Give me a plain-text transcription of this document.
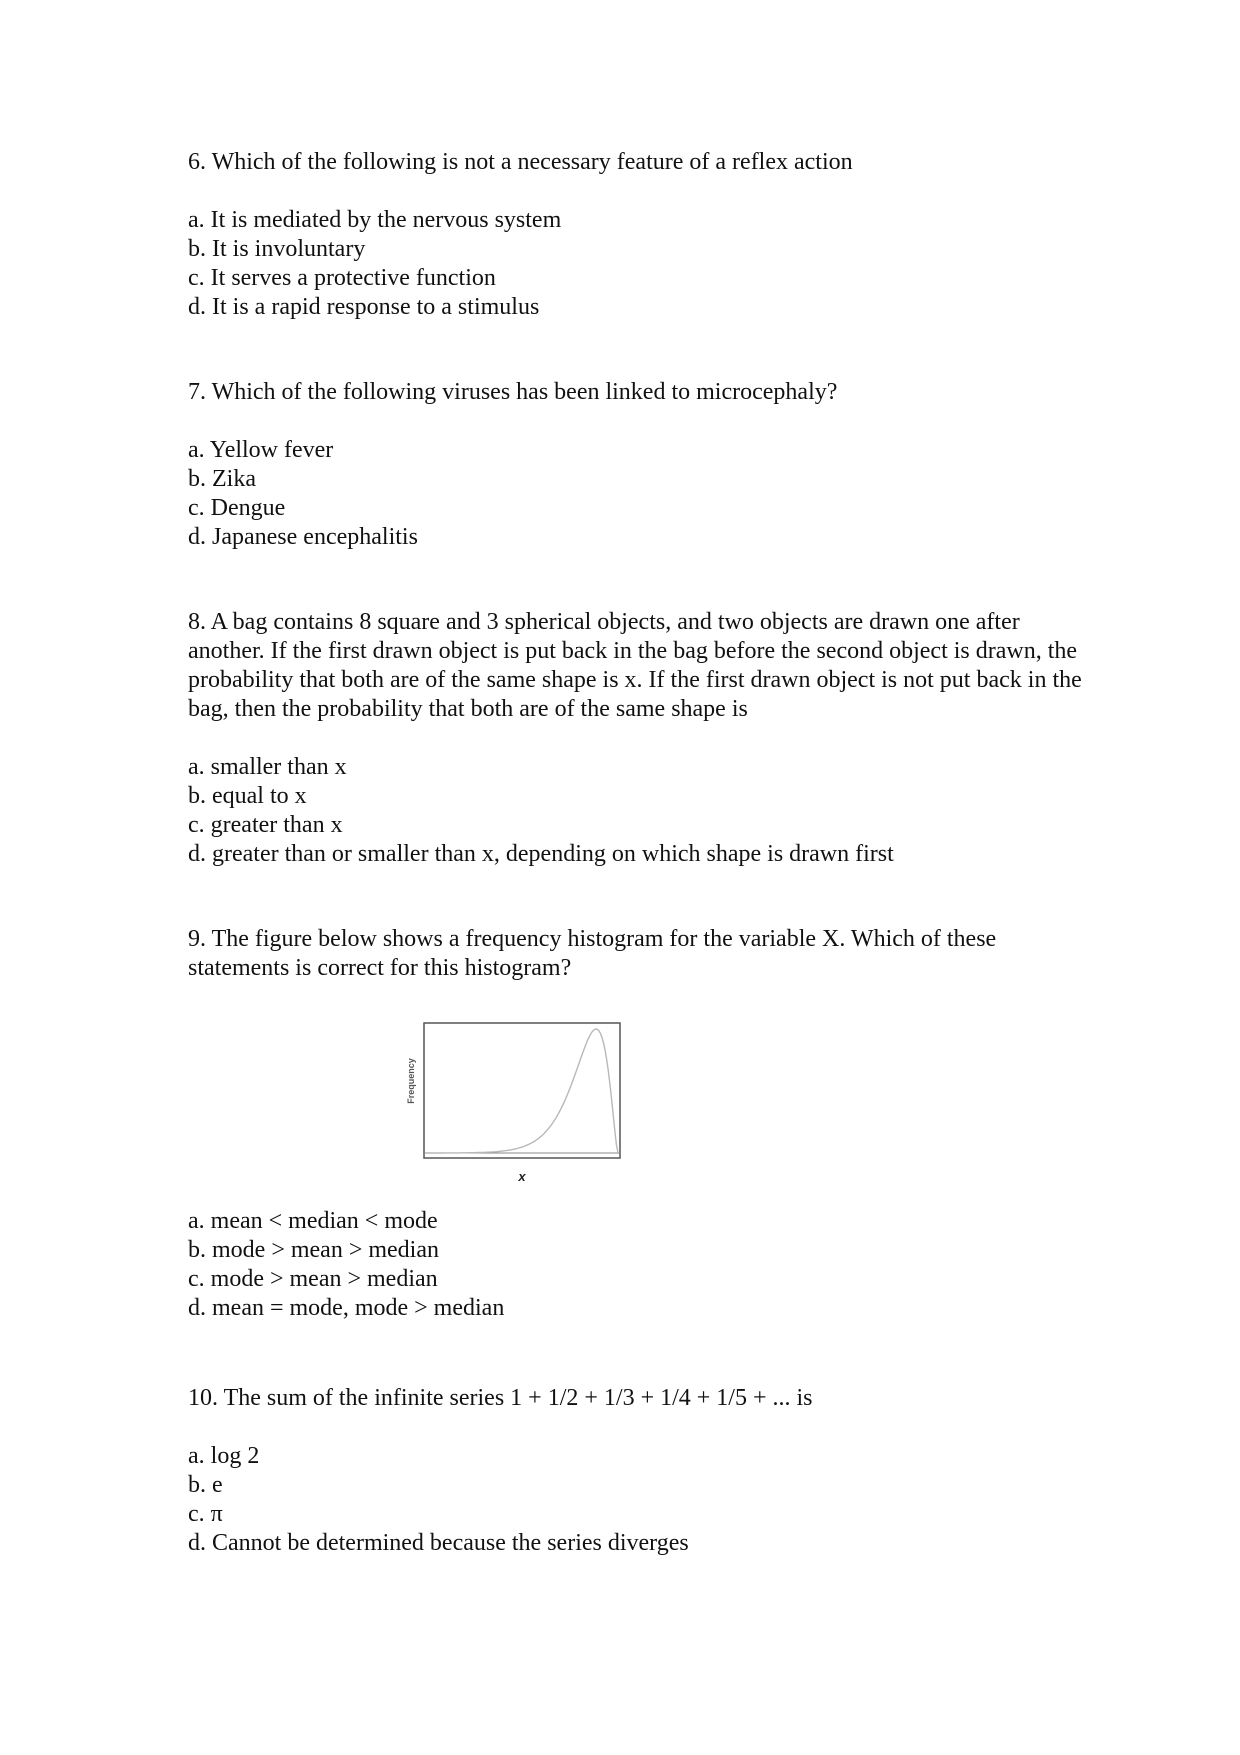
6. Which of the following is not a necessary feature of a reflex action

a. It is mediated by the nervous system
b. It is involuntary
c. It serves a protective function
d. It is a rapid response to a stimulus

7. Which of the following viruses has been linked to microcephaly?

a. Yellow fever
b. Zika
c. Dengue
d. Japanese encephalitis

8. A bag contains 8 square and 3 spherical objects, and two objects are drawn one after another. If the first drawn object is put back in the bag before the second object is drawn, the probability that both are of the same shape is x. If the first drawn object is not put back in the bag, then the probability that both are of the same shape is

a. smaller than x
b. equal to x
c. greater than x
d. greater than or smaller than x, depending on which shape is drawn first

9. The figure below shows a frequency histogram for the variable X. Which of these statements is correct for this histogram?

Frequency
x
a. mean < median < mode
b. mode > mean > median
c. mode > mean > median
d. mean = mode, mode > median

10. The sum of the infinite series 1 + 1/2 + 1/3 + 1/4 + 1/5 + ... is

a. log 2
b. e
c. π
d. Cannot be determined because the series diverges
